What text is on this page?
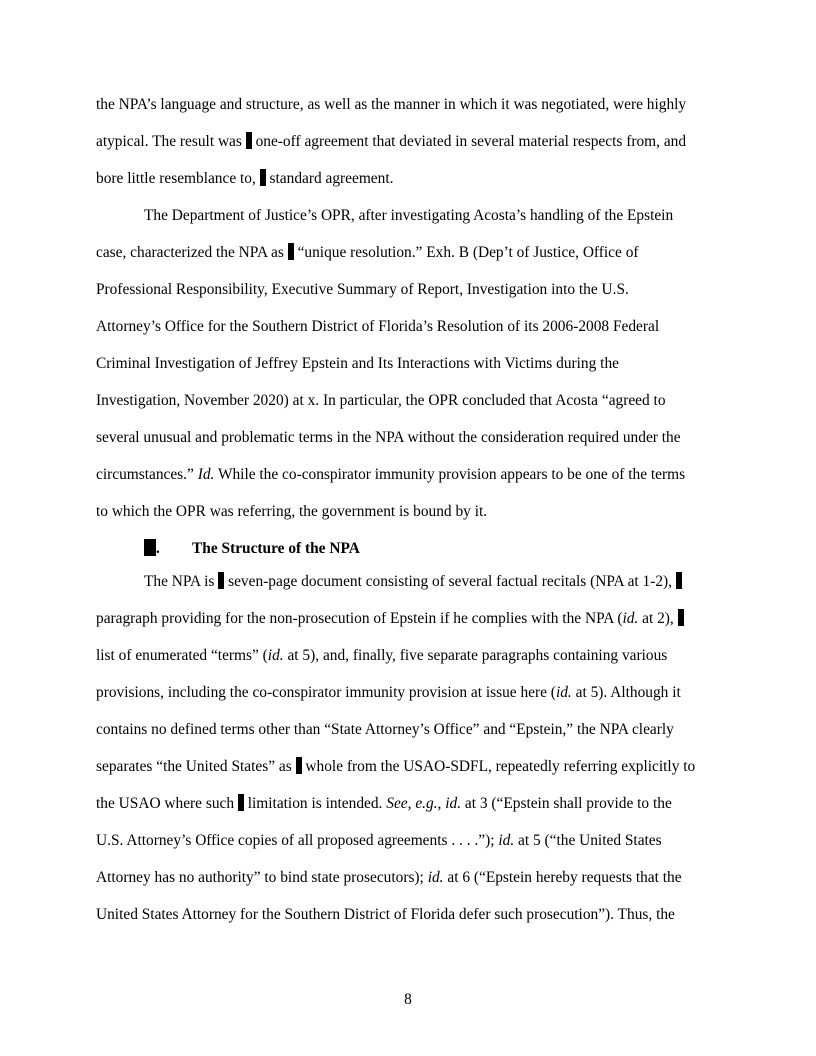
the NPA’s language and structure, as well as the manner in which it was negotiated, were highly
atypical. The result was  one-off agreement that deviated in several material respects from, and
bore little resemblance to,  standard agreement.
The Department of Justice’s OPR, after investigating Acosta’s handling of the Epstein
case, characterized the NPA as  “unique resolution.” Exh. B (Dep’t of Justice, Office of
Professional Responsibility, Executive Summary of Report, Investigation into the U.S.
Attorney’s Office for the Southern District of Florida’s Resolution of its 2006-2008 Federal
Criminal Investigation of Jeffrey Epstein and Its Interactions with Victims during the
Investigation, November 2020) at x. In particular, the OPR concluded that Acosta “agreed to
several unusual and problematic terms in the NPA without the consideration required under the
circumstances.” Id. While the co-conspirator immunity provision appears to be one of the terms
to which the OPR was referring, the government is bound by it.
. The Structure of the NPA
The NPA is  seven-page document consisting of several factual recitals (NPA at 1-2),
paragraph providing for the non-prosecution of Epstein if he complies with the NPA (id. at 2),
list of enumerated “terms” (id. at 5), and, finally, five separate paragraphs containing various
provisions, including the co-conspirator immunity provision at issue here (id. at 5). Although it
contains no defined terms other than “State Attorney’s Office” and “Epstein,” the NPA clearly
separates “the United States” as  whole from the USAO-SDFL, repeatedly referring explicitly to
the USAO where such  limitation is intended. See, e.g., id. at 3 (“Epstein shall provide to the
U.S. Attorney’s Office copies of all proposed agreements . . . .”); id. at 5 (“the United States
Attorney has no authority” to bind state prosecutors); id. at 6 (“Epstein hereby requests that the
United States Attorney for the Southern District of Florida defer such prosecution”). Thus, the
8
